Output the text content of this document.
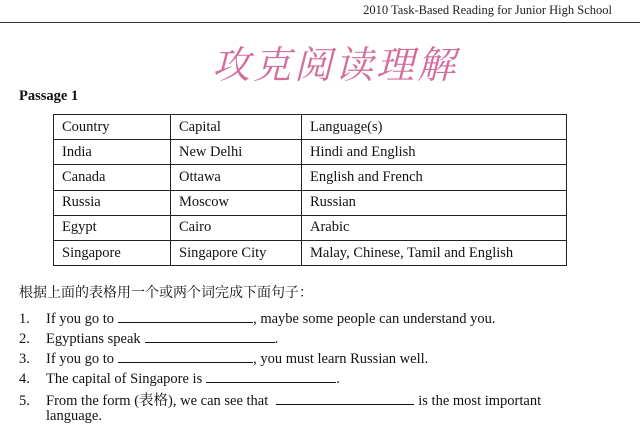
2010 Task-Based Reading for Junior High School
攻克阅读理解
Passage 1
Country	Capital	Language(s)
India	New Delhi	Hindi and English
Canada	Ottawa	English and French
Russia	Moscow	Russian
Egypt	Cairo	Arabic
Singapore	Singapore City	Malay, Chinese, Tamil and English
根据上面的表格用一个或两个词完成下面句子：
1. If you go to	, maybe some people can understand you.
2. Egyptians speak	.
3. If you go to	, you must learn Russian well.
4. The capital of Singapore is	.
5. From the form (表格), we can see that	is the most important
language.
